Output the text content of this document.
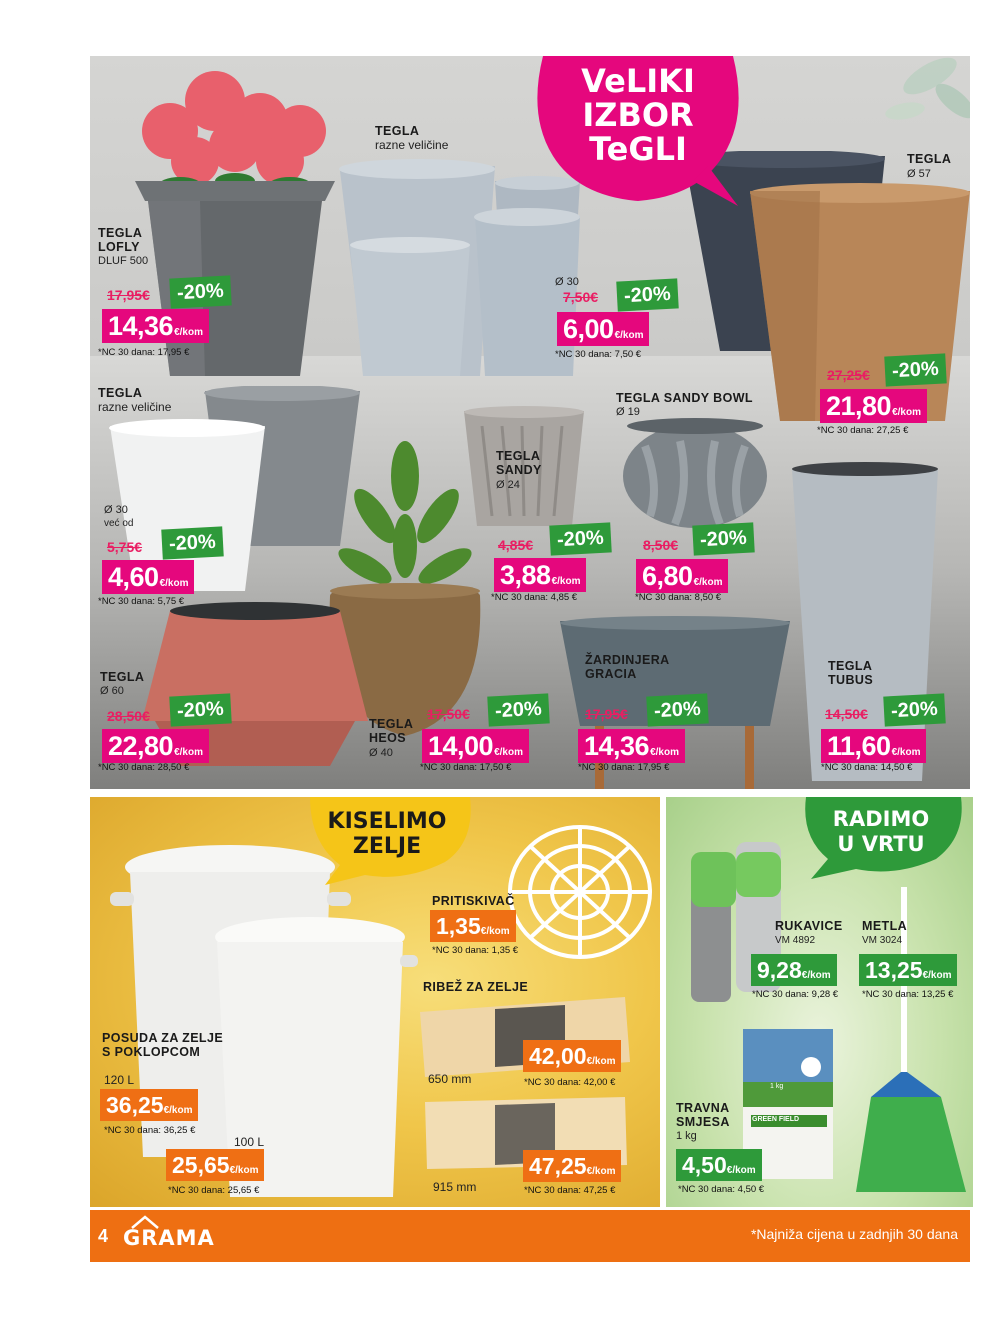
VeLIKI
IZBOR
TeGLI
TEGLA
LOFLY
DLUF 500
17,95€	-20%
14,36€/kom
*NC 30 dana: 17,95 €
TEGLA
razne veličine
Ø 30
7,50€	-20%
6,00€/kom
*NC 30 dana: 7,50 €
TEGLA
Ø 57
27,25€	-20%
21,80€/kom
*NC 30 dana: 27,25 €
TEGLA
razne veličine
Ø 30
već od
5,75€	-20%
4,60€/kom
*NC 30 dana: 5,75 €
TEGLA
SANDY
Ø 24
4,85€	-20%
3,88€/kom
*NC 30 dana: 4,85 €
TEGLA SANDY BOWL
Ø 19
8,50€	-20%
6,80€/kom
*NC 30 dana: 8,50 €
TEGLA
Ø 60
28,50€	-20%
22,80€/kom
*NC 30 dana: 28,50 €
TEGLA
HEOS
Ø 40
17,50€	-20%
14,00€/kom
*NC 30 dana: 17,50 €
ŽARDINJERA
GRACIA
17,95€	-20%
14,36€/kom
*NC 30 dana: 17,95 €
TEGLA
TUBUS
14,50€	-20%
11,60€/kom
*NC 30 dana: 14,50 €
KISELIMO
ZELJE
PRITISKIVAČ
1,35€/kom
*NC 30 dana: 1,35 €
RIBEŽ ZA ZELJE
42,00€/kom
650 mm	*NC 30 dana: 42,00 €
47,25€/kom
915 mm	*NC 30 dana: 47,25 €
POSUDA ZA ZELJE
S POKLOPCOM
120 L
36,25€/kom
*NC 30 dana: 36,25 €
100 L
25,65€/kom
*NC 30 dana: 25,65 €
RADIMO
U VRTU
GREEN FIELD
1 kg
RUKAVICE
VM 4892
9,28€/kom
*NC 30 dana: 9,28 €
METLA
VM 3024
13,25€/kom
*NC 30 dana: 13,25 €
TRAVNA
SMJESA
1 kg
4,50€/kom
*NC 30 dana: 4,50 €
4 GRAMA	*Najniža cijena u zadnjih 30 dana
